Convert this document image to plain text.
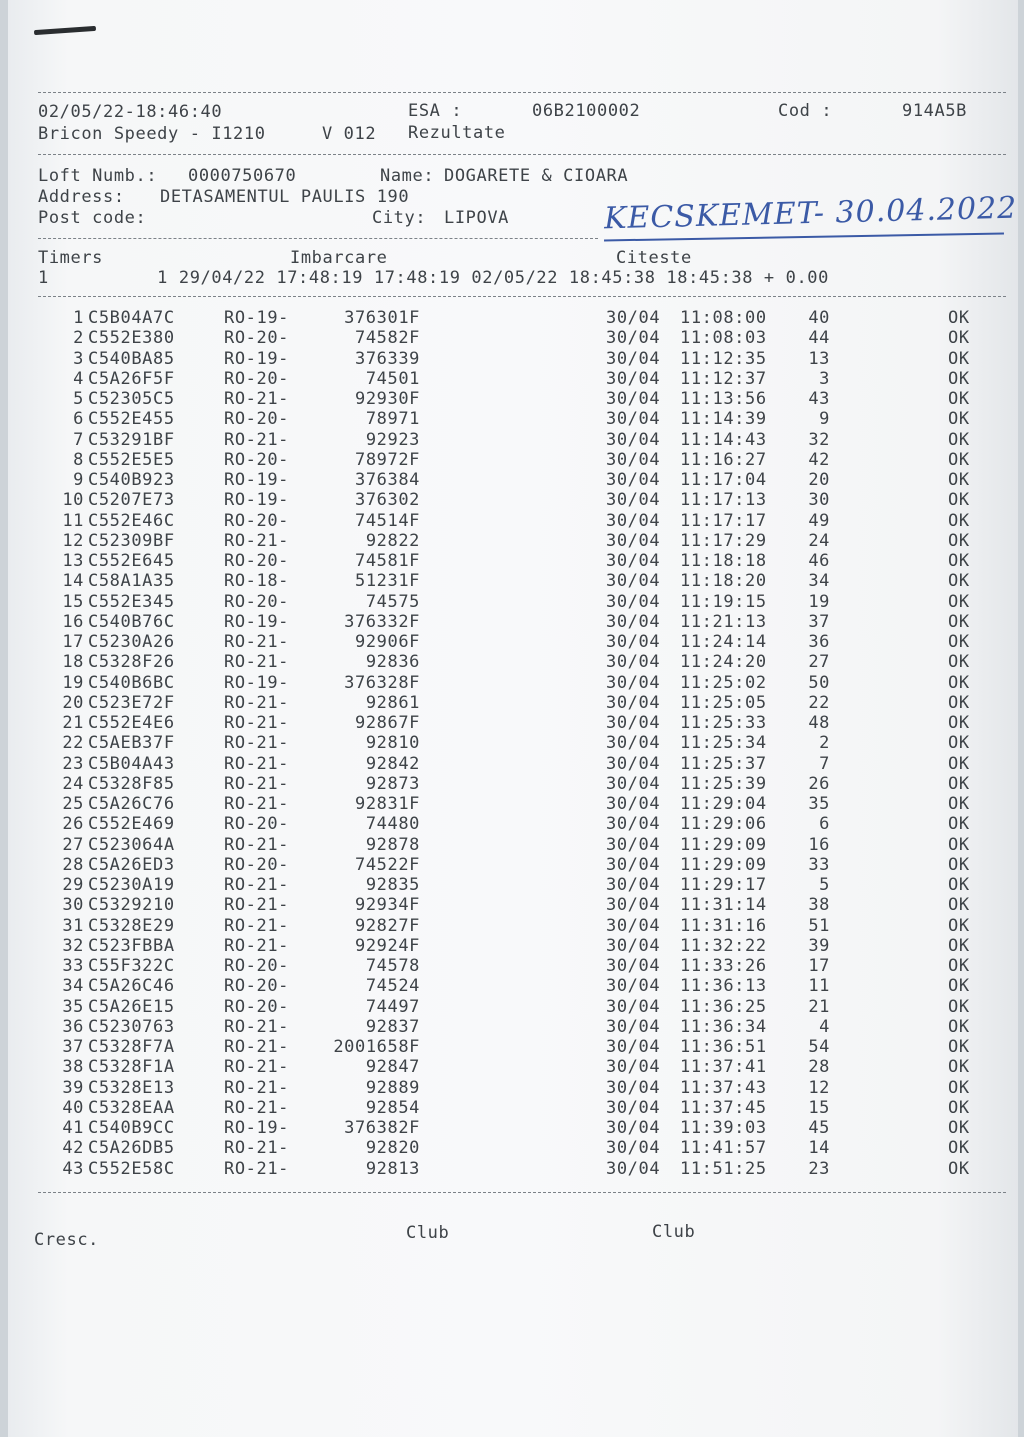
02/05/22-18:46:40	ESA :	06B2100002	Cod :	914A5B
Bricon Speedy - I1210	V 012 Rezultate
Loft Numb.: 0000750670	Name: DOGARETE & CIOARA
Address: DETASAMENTUL PAULIS 190
Post code:	City: LIPOVA	KECSKEMET- 30.04.2022
Timers	Imbarcare	Citeste
1          1 29/04/22 17:48:19 17:48:19 02/05/22 18:45:38 18:45:38 + 0.00
1 C5B04A7C	RO-19-	376301F	30/04 11:08:00	40	OK
2 C552E380	RO-20-	74582F	30/04 11:08:03	44	OK
3 C540BA85	RO-19-	376339	30/04 11:12:35	13	OK
4 C5A26F5F	RO-20-	74501	30/04 11:12:37	3	OK
5 C52305C5	RO-21-	92930F	30/04 11:13:56	43	OK
6 C552E455	RO-20-	78971	30/04 11:14:39	9	OK
7 C53291BF	RO-21-	92923	30/04 11:14:43	32	OK
8 C552E5E5	RO-20-	78972F	30/04 11:16:27	42	OK
9 C540B923	RO-19-	376384	30/04 11:17:04	20	OK
10 C5207E73	RO-19-	376302	30/04 11:17:13	30	OK
11 C552E46C	RO-20-	74514F	30/04 11:17:17	49	OK
12 C52309BF	RO-21-	92822	30/04 11:17:29	24	OK
13 C552E645	RO-20-	74581F	30/04 11:18:18	46	OK
14 C58A1A35	RO-18-	51231F	30/04 11:18:20	34	OK
15 C552E345	RO-20-	74575	30/04 11:19:15	19	OK
16 C540B76C	RO-19-	376332F	30/04 11:21:13	37	OK
17 C5230A26	RO-21-	92906F	30/04 11:24:14	36	OK
18 C5328F26	RO-21-	92836	30/04 11:24:20	27	OK
19 C540B6BC	RO-19-	376328F	30/04 11:25:02	50	OK
20 C523E72F	RO-21-	92861	30/04 11:25:05	22	OK
21 C552E4E6	RO-21-	92867F	30/04 11:25:33	48	OK
22 C5AEB37F	RO-21-	92810	30/04 11:25:34	2	OK
23 C5B04A43	RO-21-	92842	30/04 11:25:37	7	OK
24 C5328F85	RO-21-	92873	30/04 11:25:39	26	OK
25 C5A26C76	RO-21-	92831F	30/04 11:29:04	35	OK
26 C552E469	RO-20-	74480	30/04 11:29:06	6	OK
27 C523064A	RO-21-	92878	30/04 11:29:09	16	OK
28 C5A26ED3	RO-20-	74522F	30/04 11:29:09	33	OK
29 C5230A19	RO-21-	92835	30/04 11:29:17	5	OK
30 C5329210	RO-21-	92934F	30/04 11:31:14	38	OK
31 C5328E29	RO-21-	92827F	30/04 11:31:16	51	OK
32 C523FBBA	RO-21-	92924F	30/04 11:32:22	39	OK
33 C55F322C	RO-20-	74578	30/04 11:33:26	17	OK
34 C5A26C46	RO-20-	74524	30/04 11:36:13	11	OK
35 C5A26E15	RO-20-	74497	30/04 11:36:25	21	OK
36 C5230763	RO-21-	92837	30/04 11:36:34	4	OK
37 C5328F7A	RO-21-	2001658F	30/04 11:36:51	54	OK
38 C5328F1A	RO-21-	92847	30/04 11:37:41	28	OK
39 C5328E13	RO-21-	92889	30/04 11:37:43	12	OK
40 C5328EAA	RO-21-	92854	30/04 11:37:45	15	OK
41 C540B9CC	RO-19-	376382F	30/04 11:39:03	45	OK
42 C5A26DB5	RO-21-	92820	30/04 11:41:57	14	OK
43 C552E58C	RO-21-	92813	30/04 11:51:25	23	OK
Cresc.	Club	Club
